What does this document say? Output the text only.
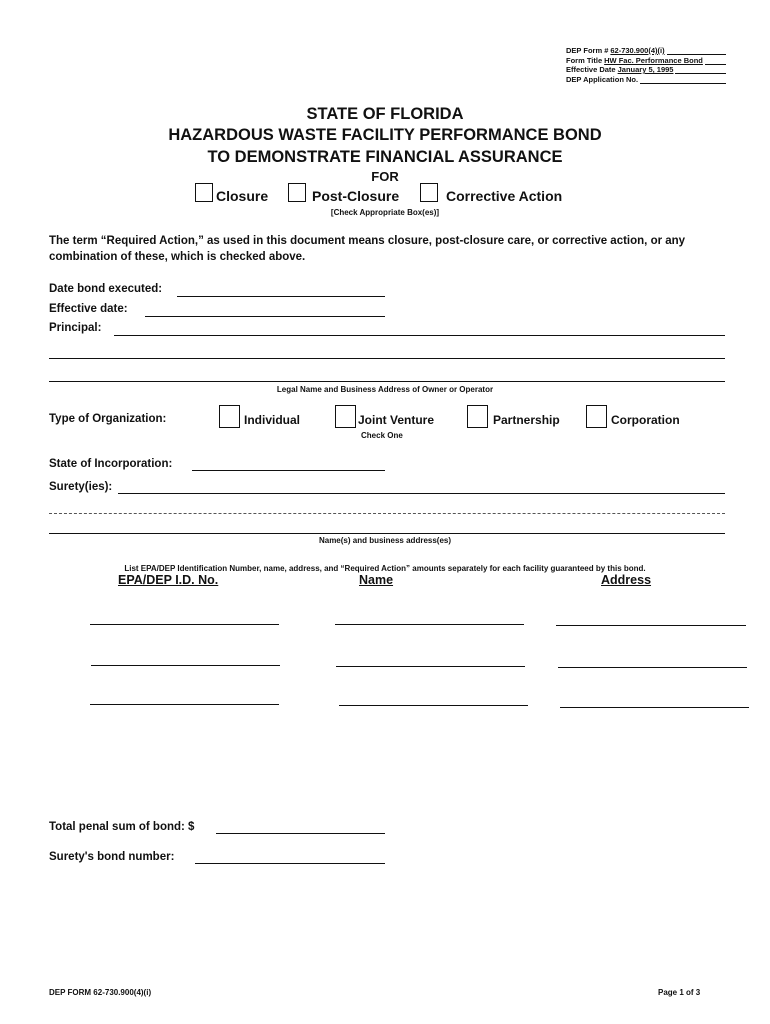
DEP Form # 62-730.900(4)(i)
Form Title HW Fac. Performance Bond
Effective Date January 5, 1995
DEP Application No.
STATE OF FLORIDA
HAZARDOUS WASTE FACILITY PERFORMANCE BOND
TO DEMONSTRATE FINANCIAL ASSURANCE
FOR
Closure	Post-Closure	Corrective Action
[Check Appropriate Box(es)]
The term “Required Action,” as used in this document means closure, post-closure care, or corrective action, or any combination of these, which is checked above.
Date bond executed:
Effective date:
Principal:
Legal Name and Business Address of Owner or Operator
Type of Organization:	Individual	Joint Venture	Partnership	Corporation
Check One
State of Incorporation:
Surety(ies):
Name(s) and business address(es)
List EPA/DEP Identification Number, name, address, and “Required Action” amounts separately for each facility guaranteed by this bond.
EPA/DEP I.D. No.	Name	Address
Total penal sum of bond: $
Surety's bond number:
DEP FORM 62-730.900(4)(i)	Page 1 of 3
